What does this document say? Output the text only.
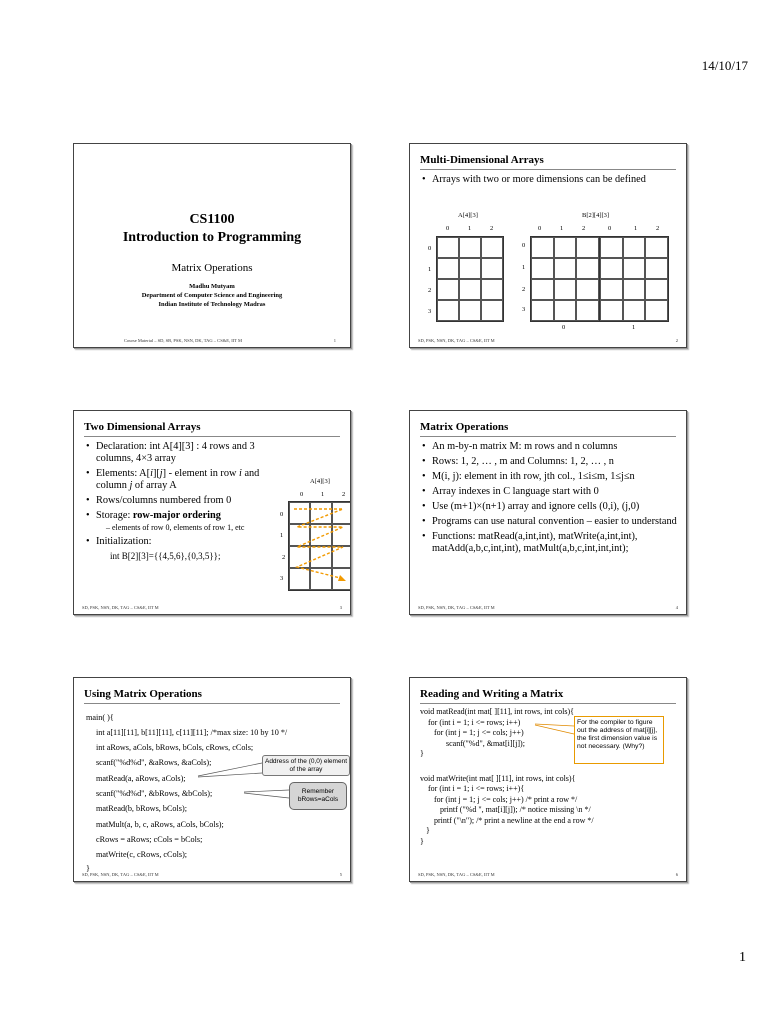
14/10/17
CS1100
Introduction to Programming
Matrix Operations
Madhu Mutyam
Department of Computer Science and Engineering
Indian Institute of Technology Madras
Course Material – SD, SB, PSK, NSN, DK, TAG – CS&E, IIT M	1
Multi-Dimensional Arrays
• Arrays with two or more dimensions can be defined
A[4][3]	B[2][4][3]
0	1	2	0	1	2	0	1	2
0
1
2
3
0
1
2
3
0	1
SD, PSK, NSN, DK, TAG – CS&E, IIT M	2
Two Dimensional Arrays
• Declaration: int A[4][3] : 4 rows and 3 columns, 4×3 array
• Elements: A[i][j] - element in row i and column j of array A
• Rows/columns numbered from 0
• Storage: row-major ordering
– elements of row 0, elements of row 1, etc
• Initialization:
int B[2][3]={{4,5,6},{0,3,5}};
A[4][3]
0	1	2
0
1
2
3
SD, PSK, NSN, DK, TAG – CS&E, IIT M	3
Matrix Operations
• An m-by-n matrix M: m rows and n columns
• Rows: 1, 2, … , m and Columns: 1, 2, … , n
• M(i, j): element in ith row, jth col., 1≤i≤m, 1≤j≤n
• Array indexes in C language start with 0
• Use (m+1)×(n+1) array and ignore cells (0,i), (j,0)
• Programs can use natural convention – easier to understand
• Functions: matRead(a,int,int), matWrite(a,int,int), matAdd(a,b,c,int,int), matMult(a,b,c,int,int,int);
SD, PSK, NSN, DK, TAG – CS&E, IIT M	4
Using Matrix Operations
main( ){
int a[11][11], b[11][11], c[11][11]; /*max size: 10 by 10 */
int aRows, aCols, bRows, bCols, cRows, cCols;
scanf("%d%d", &aRows, &aCols);
matRead(a, aRows, aCols);
scanf("%d%d", &bRows, &bCols);
matRead(b, bRows, bCols);
matMult(a, b, c, aRows, aCols, bCols);
cRows = aRows; cCols = bCols;
matWrite(c, cRows, cCols);
}
Address of the (0,0) element of the array
Remember bRows=aCols
SD, PSK, NSN, DK, TAG – CS&E, IIT M	5
Reading and Writing a Matrix
void matRead(int mat[ ][11], int rows, int cols){
for (int i = 1; i <= rows; i++)
for (int j = 1; j <= cols; j++)
scanf("%d", &mat[i][j]);
}
void matWrite(int mat[ ][11], int rows, int cols){
for (int i = 1; i <= rows; i++){
for (int j = 1; j <= cols; j++) /* print a row */
printf ("%d ", mat[i][j]); /* notice missing \n */
printf ("\n"); /* print a newline at the end a row */
}
}
For the compiler to figure out the address of mat[i][j], the first dimension value is not necessary. (Why?)
SD, PSK, NSN, DK, TAG – CS&E, IIT M	6
1
